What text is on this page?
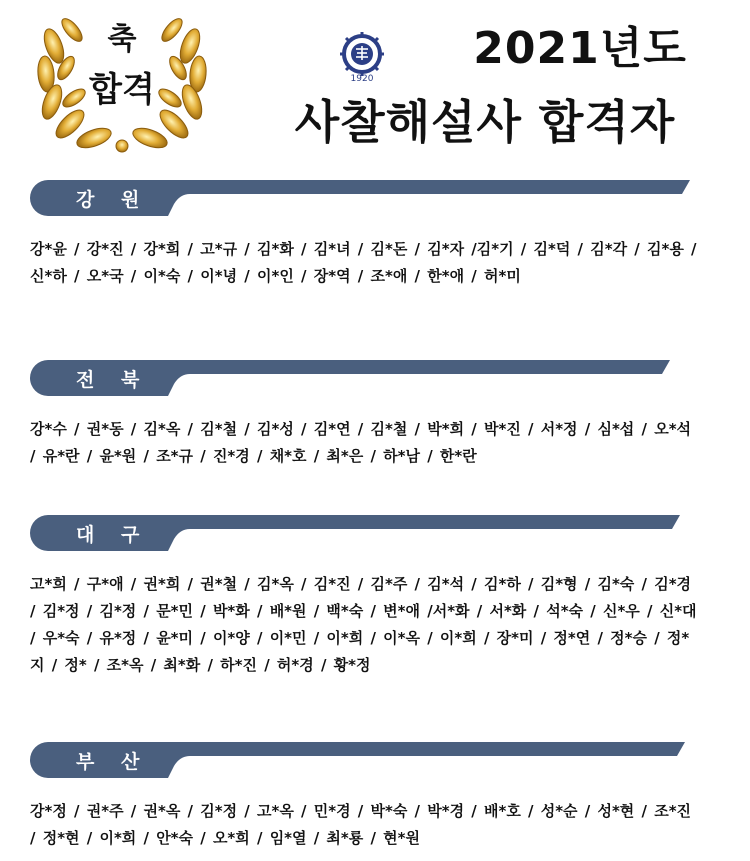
축
합격	1920
2021년도
사찰해설사 합격자
강 원
강*윤 / 강*진 / 강*희 / 고*규 / 김*화 / 김*녀 / 김*돈 / 김*자 /김*기 / 김*덕 / 김*각 / 김*용 / 신*하 / 오*국 / 이*숙 / 이*녕 / 이*인 / 장*역 / 조*애 / 한*애 / 허*미
전 북
강*수 / 권*동 / 김*옥 / 김*철 / 김*성 / 김*연 / 김*철 / 박*희 / 박*진 / 서*정 / 심*섭 / 오*석 / 유*란 / 윤*원 / 조*규 / 진*경 / 채*호 / 최*은 / 하*남 / 한*란
대 구
고*희 / 구*애 / 권*희 / 권*철 / 김*옥 / 김*진 / 김*주 / 김*석 / 김*하 / 김*형 / 김*숙 / 김*경 / 김*정 / 김*정 / 문*민 / 박*화 / 배*원 / 백*숙 / 변*애 /서*화 / 서*화 / 석*숙 / 신*우 / 신*대 / 우*숙 / 유*정 / 윤*미 / 이*양 / 이*민 / 이*희 / 이*옥 / 이*희 / 장*미 / 정*연 / 정*승 / 정*지 / 정* / 조*옥 / 최*화 / 하*진 / 허*경 / 황*정
부 산
강*정 / 권*주 / 권*옥 / 김*정 / 고*옥 / 민*경 / 박*숙 / 박*경 / 배*호 / 성*순 / 성*현 / 조*진 / 정*현 / 이*희 / 안*숙 / 오*희 / 임*열 / 최*룡 / 현*원
